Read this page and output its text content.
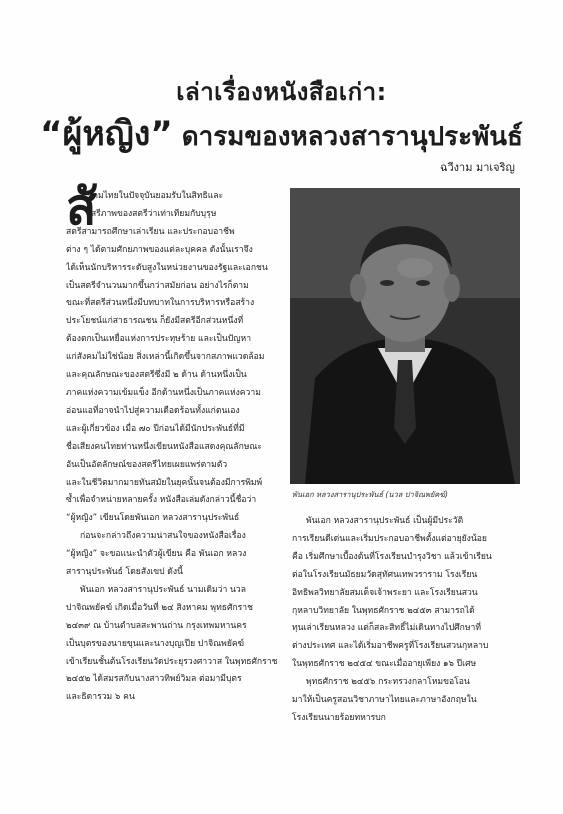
เล่าเรื่องหนังสือเก่า:
“ผู้หญิง” ดารมของหลวงสารานุประพันธ์
ฉวีงาม มาเจริญ
สั

งคมไทยในปัจจุบันยอมรับในสิทธิและ

เสรีภาพของสตรีว่าเท่าเทียมกับบุรุษ

สตรีสามารถศึกษาเล่าเรียน และประกอบอาชีพ

ต่าง ๆ ได้ตามศักยภาพของแต่ละบุคคล ดังนั้นเราจึง

ได้เห็นนักบริหารระดับสูงในหน่วยงานของรัฐและเอกชน

เป็นสตรีจำนวนมากขึ้นกว่าสมัยก่อน อย่างไรก็ตาม

ขณะที่สตรีส่วนหนึ่งมีบทบาทในการบริหารหรือสร้าง

ประโยชน์แก่สาธารณชน ก็ยังมีสตรีอีกส่วนหนึ่งที่

ต้องตกเป็นเหยื่อแห่งการประทุษร้าย และเป็นปัญหา

แก่สังคมไม่ใช่น้อย สิ่งเหล่านี้เกิดขึ้นจากสภาพแวดล้อม

และคุณลักษณะของสตรีซึ่งมี ๒ ด้าน ด้านหนึ่งเป็น

ภาคแห่งความเข้มแข็ง อีกด้านหนึ่งเป็นภาคแห่งความ

อ่อนแอที่อาจนำไปสู่ความเดือดร้อนทั้งแก่ตนเอง

และผู้เกี่ยวข้อง เมื่อ ๗๐ ปีก่อนได้มีนักประพันธ์ที่มี

ชื่อเสียงคนไทยท่านหนึ่งเขียนหนังสือแสดงคุณลักษณะ

อันเป็นอัตลักษณ์ของสตรีไทยเผยแพร่ตามตัว

และในชีวิตมากมายทันสมัยในยุคนั้นจนต้องมีการพิมพ์

ซ้ำเพื่อจำหน่ายหลายครั้ง หนังสือเล่มดังกล่าวนี้ชื่อว่า

“ผู้หญิง” เขียนโดยพันเอก หลวงสารานุประพันธ์

ก่อนจะกล่าวถึงความน่าสนใจของหนังสือเรื่อง

“ผู้หญิง” จะขอแนะนำตัวผู้เขียน คือ พันเอก หลวง

สารานุประพันธ์ โดยสังเขป ดังนี้

พันเอก หลวงสารานุประพันธ์ นามเดิมว่า นวล

ปาจิณพยัคฆ์ เกิดเมื่อวันที่ ๒๔ สิงหาคม พุทธศักราช

๒๔๓๙ ณ บ้านตำบลสะพานถ่าน กรุงเทพมหานคร

เป็นบุตรของนายขุนและนางบุญเปีย ปาจิณพยัคฆ์

เข้าเรียนชั้นต้นโรงเรียนวัดประยุรวงศาวาส ในพุทธศักราช

๒๔๕๒ ได้สมรสกับนางสาวทิพย์วิมล ต่อมามีบุตร

และธิดารวม ๖ คน

พันเอก หลวงสารานุประพันธ์ (นวล ปาจิณพยัคฆ์)

พันเอก หลวงสารานุประพันธ์ เป็นผู้มีประวัติ

การเรียนดีเด่นและเริ่มประกอบอาชีพตั้งแต่อายุยังน้อย

คือ เริ่มศึกษาเบื้องต้นที่โรงเรียนบำรุงวิชา แล้วเข้าเรียน

ต่อในโรงเรียนมัธยมวัดสุทัศนเทพวราราม โรงเรียน

อิทธิพลวิทยาลัยสมเด็จเจ้าพระยา และโรงเรียนสวน

กุหลาบวิทยาลัย ในพุทธศักราช ๒๔๕๓ สามารถได้

ทุนเล่าเรียนหลวง แต่ก็สละสิทธิ์ไม่เดินทางไปศึกษาที่

ต่างประเทศ และได้เริ่มอาชีพครูที่โรงเรียนสวนกุหลาบ

ในพุทธศักราช ๒๔๕๔ ขณะเมื่ออายุเพียง ๑๖ ปีเศษ

พุทธศักราช ๒๔๕๖ กระทรวงกลาโหมขอโอน

มาให้เป็นครูสอนวิชาภาษาไทยและภาษาอังกฤษใน

โรงเรียนนายร้อยทหารบก
